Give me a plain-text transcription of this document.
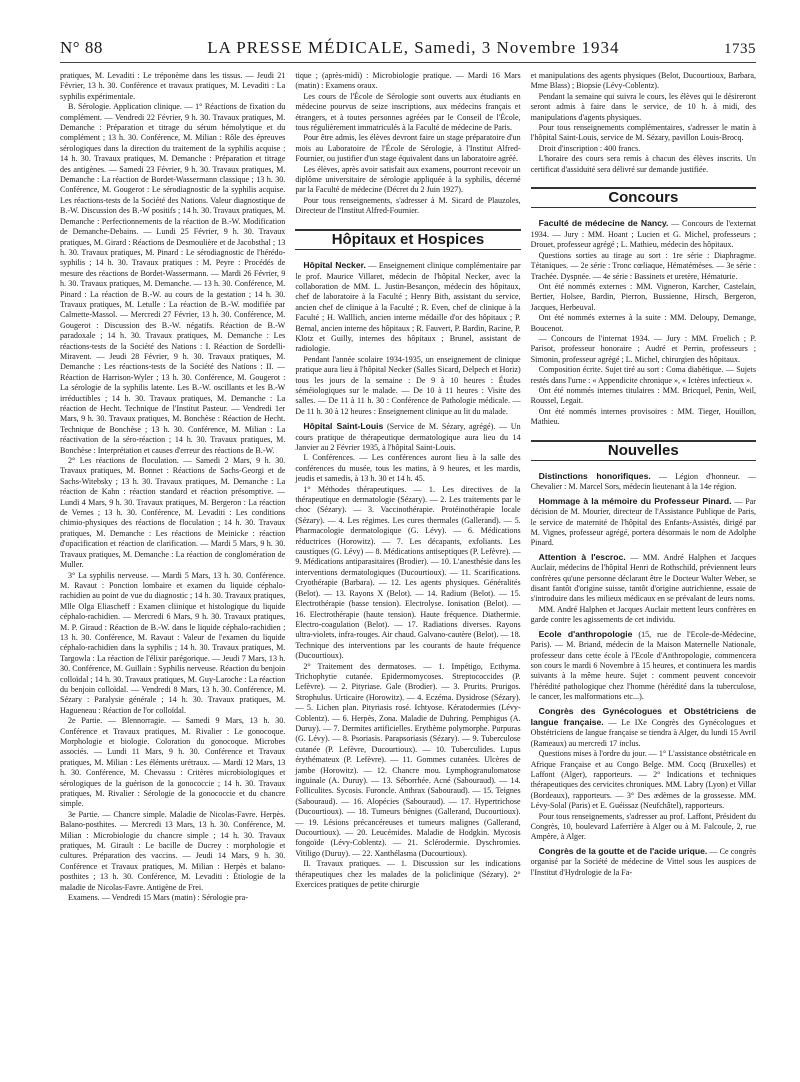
N° 88	LA PRESSE MÉDICALE, Samedi, 3 Novembre 1934	1735

pratiques, M. Levaditi : Le tréponème dans les tissus. — Jeudi 21 Février, 13 h. 30. Conférence et travaux pratiques, M. Levaditi : La syphilis expérimentale.

B. Sérologie. Application clinique. — 1° Réactions de fixation du complément. — Vendredi 22 Février, 9 h. 30. Travaux pratiques, M. Demanche : Préparation et titrage du sérum hémolytique et du complément ; 13 h. 30. Conférence, M. Milian : Rôle des épreuves sérologiques dans la direction du traitement de la syphilis acquise ; 14 h. 30. Travaux pratiques, M. Demanche : Préparation et titrage des antigènes. — Samedi 23 Février, 9 h. 30. Travaux pratiques, M. Demanche : La réaction de Bordet-Wassermann classique ; 13 h. 30. Conférence, M. Gougerot : Le sérodiagnostic de la syphilis acquise. Les réactions-tests de la Société des Nations. Valeur diagnostique de B.-W. Discussion des B.-W positifs ; 14 h. 30. Travaux pratiques, M. Demanche : Perfectionnements de la réaction de B.-W. Modification de Demanche-Debains. — Lundi 25 Février, 9 h. 30. Travaux pratiques, M. Girard : Réactions de Desmoulière et de Jacobsthal ; 13 h. 30. Travaux pratiques, M. Pinard : Le sérodiagnostic de l'hérédo-syphilis ; 14 h. 30. Travaux pratiques : M. Peyre : Procédés de mesure des réactions de Bordet-Wassermann. — Mardi 26 Février, 9 h. 30. Travaux pratiques, M. Demanche. — 13 h. 30. Conférence, M. Pinard : La réaction de B.-W. au cours de la gestation ; 14 h. 30. Travaux pratiques, M. Letulle : La réaction de B.-W. modifiée par Calmette-Massol. — Mercredi 27 Février, 13 h. 30. Conférence, M. Gougerot : Discussion des B.-W. négatifs. Réaction de B.-W paradoxale ; 14 h. 30. Travaux pratiques, M. Demanche : Les réactions-tests de la Société des Nations : I. Réaction de Sordelli-Miravent. — Jeudi 28 Février, 9 h. 30. Travaux pratiques, M. Demanche : Les réactions-tests de la Société des Nations : II. — Réaction de Harrison-Wyler ; 13 h. 30. Conférence, M. Gougerot : La sérologie de la syphilis latente. Les B.-W. oscillants et les B.-W irréductibles ; 14 h. 30. Travaux pratiques, M. Demanche : La réaction de Hecht. Technique de l'Institut Pasteur. — Vendredi 1er Mars, 9 h. 30. Travaux pratiques, M. Bonchèse : Réaction de Hecht. Technique de Bonchèse ; 13 h. 30. Conférence, M. Milian : La réactivation de la séro-réaction ; 14 h. 30. Travaux pratiques, M. Bonchèse : Interprétation et causes d'erreur des réactions de B.-W.

2° Les réactions de floculation. — Samedi 2 Mars, 9 h. 30. Travaux pratiques, M. Bonnet : Réactions de Sachs-Georgi et de Sachs-Witebsky ; 13 h. 30. Travaux pratiques, M. Demanche : La réaction de Kahn : réaction standard et réaction présomptive. — Lundi 4 Mars, 9 h. 30. Travaux pratiques, M. Bergeron : La réaction de Vernes ; 13 h. 30. Conférence, M. Levaditi : Les conditions chimio-physiques des réactions de floculation ; 14 h. 30. Travaux pratiques, M. Demanche : Les réactions de Meinicke : réaction d'opacification et réaction de clarification. — Mardi 5 Mars, 9 h. 30. Travaux pratiques, M. Demanche : La réaction de conglomération de Muller.

3° La syphilis nerveuse. — Mardi 5 Mars, 13 h. 30. Conférence. M. Ravaut : Ponction lombaire et examen du liquide céphalo-rachidien au point de vue du diagnostic ; 14 h. 30. Travaux pratiques, Mlle Olga Eliascheff : Examen cliinique et histologique du liquide céphalo-rachidien. — Mercredi 6 Mars, 9 h. 30. Travaux pratiques, M. P. Giraud : Réaction de B.-W. dans le liquide céphalo-rachidien ; 13 h. 30. Conférence, M. Ravaut : Valeur de l'examen du liquide céphalo-rachidien dans la syphilis ; 14 h. 30. Travaux pratiques, M. Targowla : La réaction de l'élixir parégorique. — Jeudi 7 Mars, 13 h. 30. Conférence, M. Guillain : Syphilis nerveuse. Réaction du benjoin colloïdal ; 14 h. 30. Travaux pratiques, M. Guy-Laroche : La réaction du benjoin colloïdal. — Vendredi 8 Mars, 13 h. 30. Conférence, M. Sézary : Paralysie générale ; 14 h. 30. Travaux pratiques, M. Hagueneau : Réaction de l'or colloïdal.

2e Partie. — Blennorragie. — Samedi 9 Mars, 13 h. 30. Conférence et Travaux pratiques, M. Rivalier : Le gonocoque. Morphologie et biologie. Coloration du gonocoque. Microbes associés. — Lundi 11 Mars, 9 h. 30. Conférence et Travaux pratiques, M. Milian : Les éléments urétraux. — Mardi 12 Mars, 13 h. 30. Conférence, M. Chevassu : Critères microbiologiques et sérologiques de la guérison de la gonococcie ; 14 h. 30. Travaux pratiques, M. Rivalier : Sérologie de la gonococcie et du chancre simple.

3e Partie. — Chancre simple. Maladie de Nicolas-Favre. Herpès. Balano-posthites. — Mercredi 13 Mars, 13 h. 30. Conférence, M. Milian : Microbiologie du chancre simple ; 14 h. 30. Travaux pratiques, M. Girault : Le bacille de Ducrey : morphologie et cultures. Préparation des vaccins. — Jeudi 14 Mars, 9 h. 30. Conférence et Travaux pratiques, M. Milian : Herpès et balano-posthites ; 13 h. 30. Conférence, M. Levaditi : Étiologie de la maladie de Nicolas-Favre. Antigène de Frei.

Examens. — Vendredi 15 Mars (matin) : Sérologie pra-

tique ; (après-midi) : Microbiologie pratique. — Mardi 16 Mars (matin) : Examens oraux.

Les cours de l'École de Sérologie sont ouverts aux étudiants en médecine pourvus de seize inscriptions, aux médecins français et étrangers, et à toutes personnes agréées par le Conseil de l'École, tous régulièrement immatriculés à la Faculté de médecine de Paris.

Pour être admis, les élèves devront faire un stage préparatoire d'un mois au Laboratoire de l'École de Sérologie, à l'Institut Alfred-Fournier, ou justifier d'un stage équivalent dans un laboratoire agréé.

Les élèves, après avoir satisfait aux examens, pourront recevoir un diplôme universitaire de sérologie appliquée à la syphilis, décerné par la Faculté de médecine (Décret du 2 Juin 1927).

Pour tous renseignements, s'adresser à M. Sicard de Plauzoles, Directeur de l'Institut Alfred-Fournier.

Hôpitaux et Hospices

Hôpital Necker. — Enseignement clinique complémentaire par le prof. Maurice Villaret, médecin de l'hôpital Necker, avec la collaboration de MM. L. Justin-Besançon, médecin des hôpitaux, chef de laboratoire à la Faculté ; Henry Bith, assistant du service, ancien chef de clinique à la Faculté ; R. Even, chef de clinique à la Faculté ; H. Walllich, ancien interne médaille d'or des hôpitaux ; P. Bernal, ancien interne des hôpitaux ; R. Fauvert, P. Bardin, Racine, P. Klotz et Guilly, internes des hôpitaux ; Brunel, assistant de radiologie.

Pendant l'année scolaire 1934-1935, un enseignement de clinique pratique aura lieu à l'hôpital Necker (Salles Sicard, Delpech et Horiz) tous les jours de la semaine : De 9 à 10 heures : Études séméiologiques sur le malade. — De 10 à 11 heures : Visite des salles. — De 11 à 11 h. 30 : Conférence de Pathologie médicale. — De 11 h. 30 à 12 heures : Enseignement clinique au lit du malade.

Hôpital Saint-Louis (Service de M. Sézary, agrégé). — Un cours pratique de thérapeutique dermatologique aura lieu du 14 Janvier au 2 Février 1935, à l'hôpital Saint-Louis.

I. Conférences. — Les conférences auront lieu à la salle des conférences du musée, tous les matins, à 9 heures, et les mardis, jeudis et samedis, à 13 h. 30 et 14 h. 45.

1° Méthodes thérapeutiques. — 1. Les directives de la thérapeutique en dermatologie (Sézary). — 2. Les traitements par le choc (Sézary). — 3. Vaccinothérapie. Protéinothérapie locale (Sézary). — 4. Les régimes. Les cures thermales (Gallerand). — 5. Pharmacologie dermatologique (G. Lévy). — 6. Médications réductrices (Horowitz). — 7. Les décapants, exfoliants. Les caustiques (G. Lévy) — 8. Médications antiseptiques (P. Lefèvre). — 9. Médications antiparasitaires (Brodier). — 10. L'anesthésie dans les interventions dermatologiques (Ducourtioux). — 11. Scarifications. Cryothérapie (Barbara). — 12. Les agents physiques. Généralités (Belot). — 13. Rayons X (Belot). — 14. Radium (Belot). — 15. Electrothérapie (basse tension). Electrolyse. Ionisation (Belot). — 16. Electrothérapie (haute tension). Haute fréquence. Diathermie. Electro-coagulation (Belot). — 17. Radiations diverses. Rayons ultra-violets, infra-rouges. Air chaud. Galvano-cautère (Belot). — 18. Technique des interventions par les courants de haute fréquence (Ducourtioux).

2° Traitement des dermatoses. — 1. Impétigo, Ecthyma. Trichophytie cutanée. Epidermomycoses. Streptococcides (P. Lefèvre). — 2. Pityriase. Gale (Brodier). — 3. Prurits. Prurigos. Strophulus. Urticaire (Horowitz). — 4. Eczéma. Dysidrose (Sézary). — 5. Lichen plan. Pityriasis rosé. Ichtyose. Kératodermies (Lévy-Coblentz). — 6. Herpès, Zona. Maladie de Duhring. Pemphigus (A. Duruy). — 7. Dermites artificielles. Erythème polymorphe. Purpuras (G. Lévy). — 8. Psoriasis. Parapsoriasis (Sézary). — 9. Tuberculose cutanée (P. Lefèvre, Ducourtioux). — 10. Tuberculides. Lupus érythémateux (P. Lefèvre). — 11. Gommes cutanées. Ulcères de jambe (Horowitz). — 12. Chancre mou. Lymphogranulomatose inguinale (A. Duruy). — 13. Séborrhée. Acné (Sabouraud). — 14. Folliculites. Sycosis. Furoncle. Anthrax (Sabouraud). — 15. Teignes (Sabouraud). — 16. Alopécies (Sabouraud). — 17. Hypertrichose (Ducourtioux). — 18. Tumeurs bénignes (Gallerand, Ducourtioux). — 19. Lésions précancéreuses et tumeurs malignes (Gallerand, Ducourtioux). — 20. Leucémides. Maladie de Hodgkin. Mycosis fongoïde (Lévy-Coblentz). — 21. Sclérodermie. Dyschromies. Vitiligo (Duruy). — 22. Xanthélasma (Ducourtioux).

II. Travaux pratiques. — 1. Discussion sur les indications thérapeutiques chez les malades de la policlinique (Sézary). 2° Exercices pratiques de petite chirurgie

et manipulations des agents physiques (Belot, Ducourtioux, Barbara, Mme Blass) ; Biopsie (Lévy-Coblentz).

Pendant la semaine qui suivra le cours, les élèves qui le désireront seront admis à faire dans le service, de 10 h. à midi, des manipulations d'agents physiques.

Pour tous renseignements complémentaires, s'adresser le matin à l'hôpital Saint-Louis, service de M. Sézary, pavillon Louis-Brocq.

Droit d'inscription : 400 francs.

L'horaire des cours sera remis à chacun des élèves inscrits. Un certificat d'assiduité sera délivré sur demande justifiée.

Concours

Faculté de médecine de Nancy. — Concours de l'externat 1934. — Jury : MM. Hoant ; Lucien et G. Michel, professeurs ; Drouet, professeur agrégé ; L. Mathieu, médecin des hôpitaux.

Questions sorties au tirage au sort : 1re série : Diaphragme. Tétaniques. — 2e série : Tronc cœliaque, Hématémèses. — 3e série : Trachée. Dyspnée. — 4e série : Bassinets et uretère, Hématurie.

Ont été nommés externes : MM. Vigneron, Karcher, Castelain, Bertier, Holsee, Bardin, Pierron, Bussienne, Hirsch, Bergeron, Jacques, Herbeuval.

Ont été nommés externes à la suite : MM. Deloupy, Demange, Boucenot.

— Concours de l'internat 1934. — Jury : MM. Froelich ; P. Parisot, professeur honoraire ; Audré et Perrin, professeurs ; Simonin, professeur agrégé ; L. Michel, chirurgien des hôpitaux.

Composition écrite. Sujet tiré au sort : Coma diabétique. — Sujets restés dans l'urne : « Appendicite chronique », « Ictères infectieux ».

Ont été nommés internes titulaires : MM. Bricquel, Penin, Weil, Roussel, Legait.

Ont été nommés internes provisoires : MM. Tieger, Houillon, Mathieu.

Nouvelles

Distinctions honorifiques. — Légion d'honneur. — Chevalier : M. Marcel Sors, médecin lieutenant à la 14e région.

Hommage à la mémoire du Professeur Pinard. — Par décision de M. Mourier, directeur de l'Assistance Publique de Paris, le service de maternité de l'hôpital des Enfants-Assistés, dirigé par M. Vignes, professeur agrégé, portera désormais le nom de Adolphe Pinard.

Attention à l'escroc. — MM. André Halphen et Jacques Auclair, médecins de l'hôpital Henri de Rothschild, préviennent leurs confrères qu'une personne déclarant être le Docteur Walter Weber, se disant fantôt d'origine suisse, tantôt d'origine autrichienne, essaie de s'introduire dans les milieux médicaux en se prévalant de leurs noms.

MM. André Halphen et Jacques Auclair mettent leurs confrères en garde contre les agissements de cet individu.

Ecole d'anthropologie (15, rue de l'Ecole-de-Médecine, Paris). — M. Briand, médecin de la Maison Maternelle Nationale, professeur dans cette école à l'Ecole d'Anthropologie, commencera son cours le mardi 6 Novembre à 15 heures, et continuera les mardis suivants à la même heure. Sujet : comment peuvent concevoir l'hérédité pathologique chez l'homme (hérédité dans la tuberculose, le cancer, les malformations etc...).

Congrès des Gynécologues et Obstétriciens de langue française. — Le IXe Congrès des Gynécologues et Obstétriciens de langue française se tiendra à Alger, du lundi 15 Avril (Rameaux) au mercredi 17 inclus.

Questions mises à l'ordre du jour. — 1° L'assistance obstétricale en Afrique Française et au Congo Belge. MM. Cocq (Bruxelles) et Laffont (Alger), rapporteurs. — 2° Indications et techniques thérapeutiques des cervicites chroniques. MM. Labry (Lyon) et Villar (Bordeaux), rapporteurs. — 3° Des ædèmes de la grossesse. MM. Lévy-Solal (Paris) et E. Guéissaz (Neufchâtel), rapporteurs.

Pour tous renseignements, s'adresser au prof. Laffont, Président du Congrès, 10, boulevard Laferrière à Alger ou à M. Falcoule, 2, rue Ampère, à Alger.

Congrès de la goutte et de l'acide urique. — Ce congrès organisé par la Société de médecine de Vittel sous les auspices de l'Institut d'Hydrologie de la Fa-
